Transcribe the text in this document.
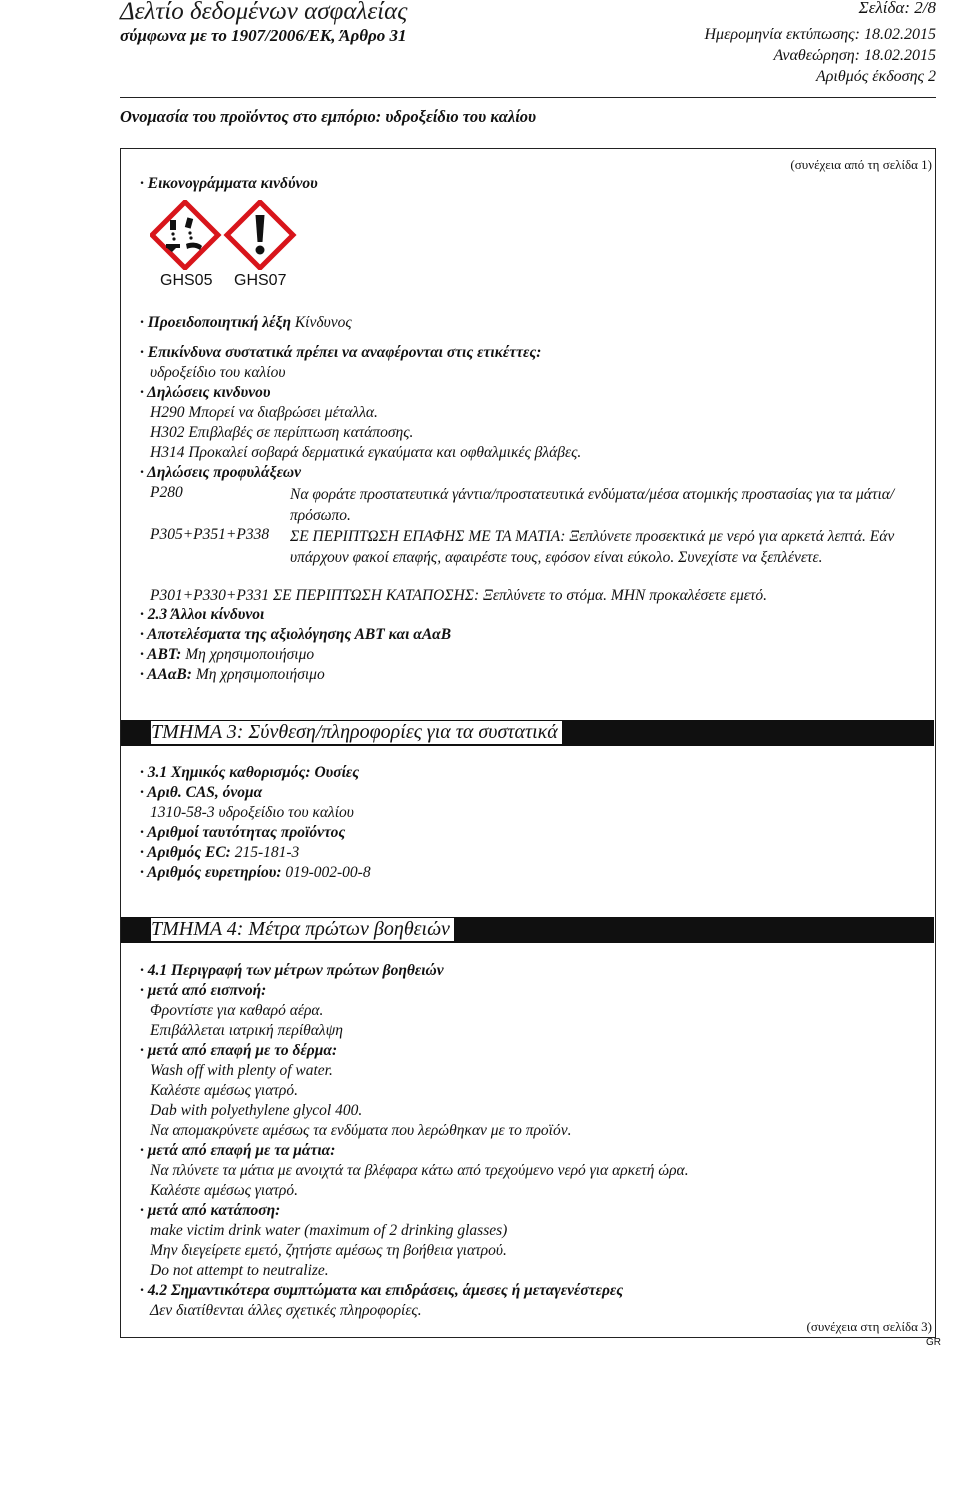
Δελτίο δεδομένων ασφαλείας
σύμφωνα με το 1907/2006/ΕΚ, Άρθρο 31
Σελίδα: 2/8
Ημερομηνία εκτύπωσης: 18.02.2015
Αναθεώρηση: 18.02.2015
Αριθμός έκδοσης 2
Ονομασία του προϊόντος στο εμπόριο: υδροξείδιο του καλίου
(συνέχεια από τη σελίδα 1)
· Εικονογράμματα κινδύνου
GHS05 GHS07
· Προειδοποιητική λέξη Κίνδυνος
· Επικίνδυνα συστατικά πρέπει να αναφέρονται στις ετικέττες:
υδροξείδιο του καλίου
· Δηλώσεις κινδυνου
H290 Μπορεί να διαβρώσει μέταλλα.
H302 Επιβλαβές σε περίπτωση κατάποσης.
H314 Προκαλεί σοβαρά δερματικά εγκαύματα και οφθαλμικές βλάβες.
· Δηλώσεις προφυλάξεων
P280	Να φοράτε προστατευτικά γάντια/προστατευτικά ενδύματα/μέσα ατομικής προστασίας για τα μάτια/πρόσωπο.
P305+P351+P338 ΣΕ ΠΕΡΙΠΤΩΣΗ ΕΠΑΦΗΣ ΜΕ ΤΑ ΜΑΤΙΑ: Ξεπλύνετε προσεκτικά με νερό για αρκετά λεπτά. Εάν υπάρχουν φακοί επαφής, αφαιρέστε τους, εφόσον είναι εύκολο. Συνεχίστε να ξεπλένετε.
P301+P330+P331 ΣΕ ΠΕΡΙΠΤΩΣΗ ΚΑΤΑΠΟΣΗΣ: Ξεπλύνετε το στόμα. ΜΗΝ προκαλέσετε εμετό.
· 2.3 Άλλοι κίνδυνοι
· Αποτελέσματα της αξιολόγησης ΑΒΤ και αΑαΒ
· ΑΒΤ: Μη χρησιμοποιήσιμο
· ΑΑαΒ: Μη χρησιμοποιήσιμο
ΤΜΗΜΑ 3: Σύνθεση/πληροφορίες για τα συστατικά
· 3.1 Χημικός καθορισμός: Ουσίες
· Αριθ. CAS, όνομα
1310-58-3 υδροξείδιο του καλίου
· Αριθμοί ταυτότητας προϊόντος
· Αριθμός ΕC: 215-181-3
· Αριθμός ευρετηρίου: 019-002-00-8
ΤΜΗΜΑ 4: Μέτρα πρώτων βοηθειών
· 4.1 Περιγραφή των μέτρων πρώτων βοηθειών
· μετά από εισπνοή:
Φροντίστε για καθαρό αέρα.
Επιβάλλεται ιατρική περίθαλψη
· μετά από επαφή με το δέρμα:
Wash off with plenty of water.
Καλέστε αμέσως γιατρό.
Dab with polyethylene glycol 400.
Να απομακρύνετε αμέσως τα ενδύματα που λερώθηκαν με το προϊόν.
· μετά από επαφή με τα μάτια:
Να πλύνετε τα μάτια με ανοιχτά τα βλέφαρα κάτω από τρεχούμενο νερό για αρκετή ώρα.
Καλέστε αμέσως γιατρό.
· μετά από κατάποση:
make victim drink water (maximum of 2 drinking glasses)
Μην διεγείρετε εμετό, ζητήστε αμέσως τη βοήθεια γιατρού.
Do not attempt to neutralize.
· 4.2 Σημαντικότερα συμπτώματα και επιδράσεις, άμεσες ή μεταγενέστερες
Δεν διατίθενται άλλες σχετικές πληροφορίες.
(συνέχεια στη σελίδα 3)
GR
